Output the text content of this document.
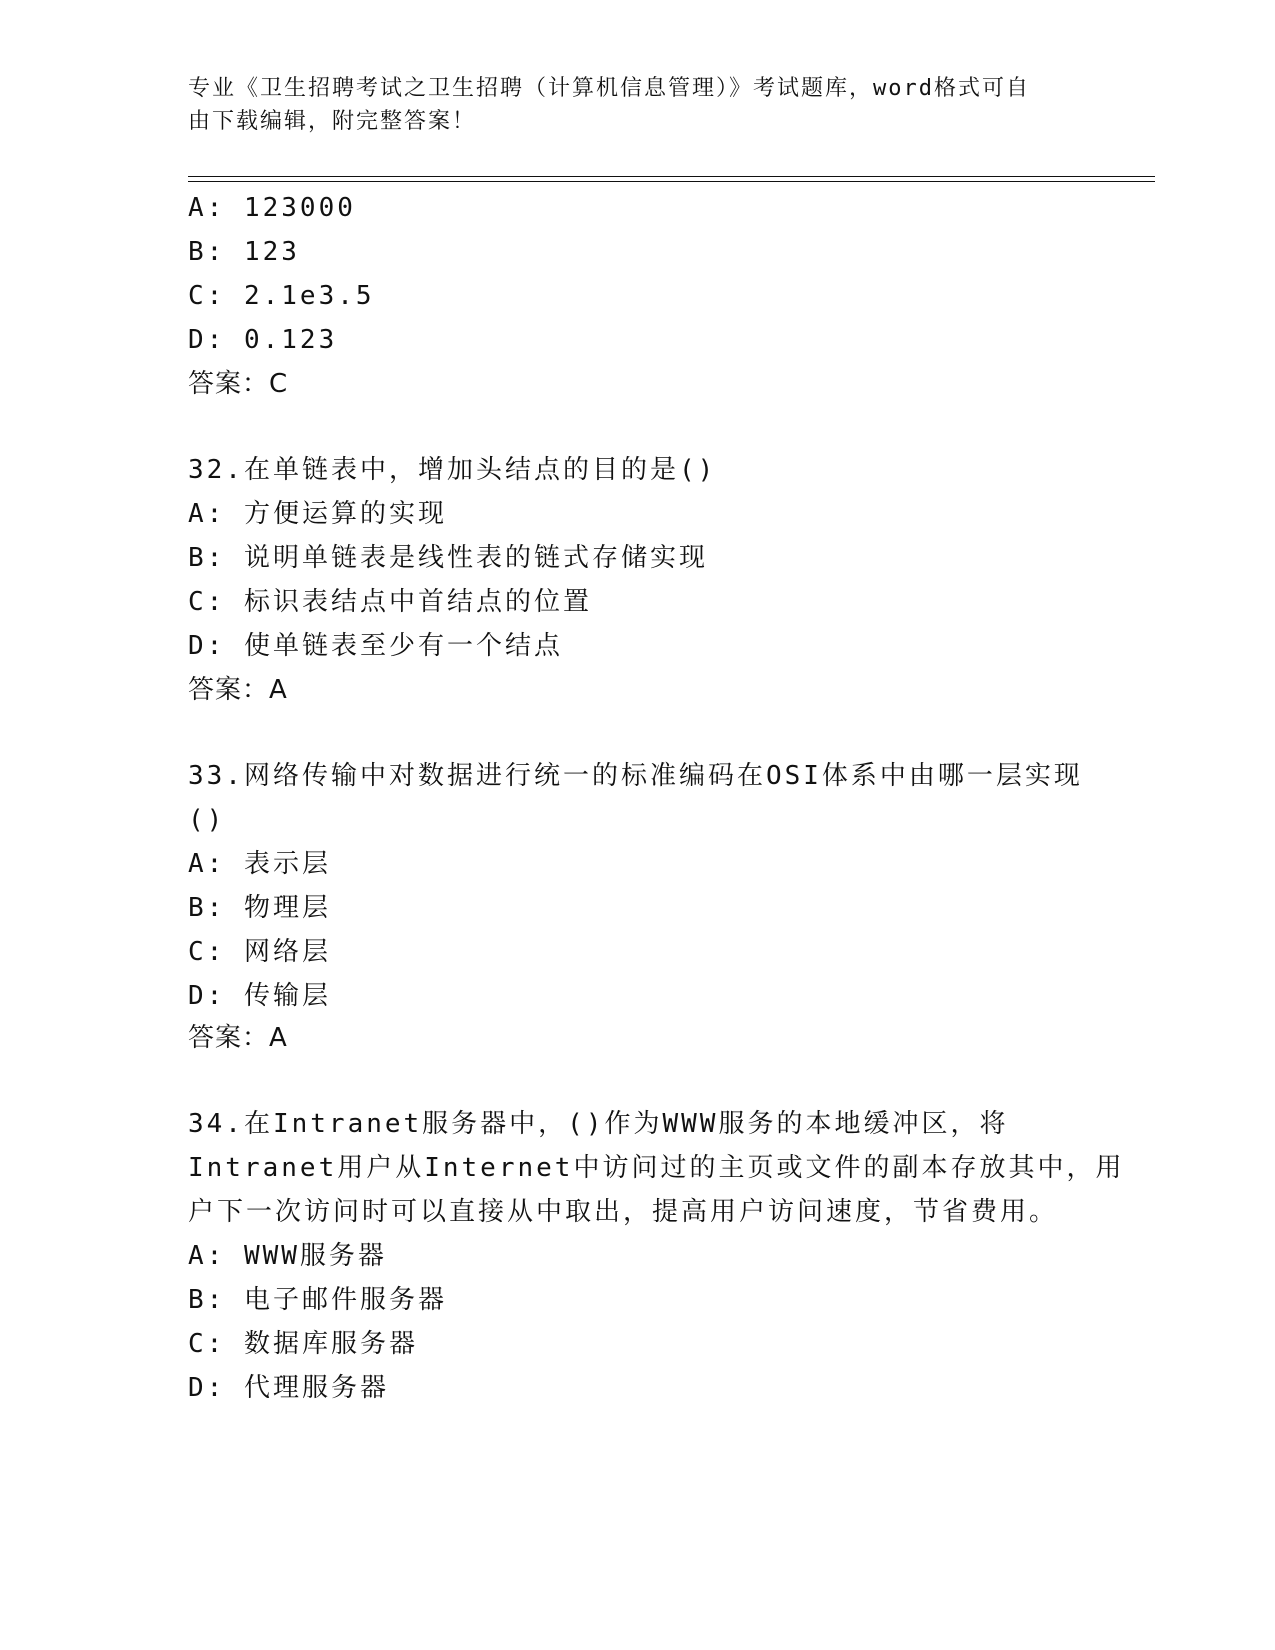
专业《卫生招聘考试之卫生招聘（计算机信息管理）》考试题库，word格式可自
由下载编辑，附完整答案！
A: 123000
B: 123
C: 2.1e3.5
D: 0.123
答案：C
32.在单链表中，增加头结点的目的是()
A: 方便运算的实现
B: 说明单链表是线性表的链式存储实现
C: 标识表结点中首结点的位置
D: 使单链表至少有一个结点
答案：A
33.网络传输中对数据进行统一的标准编码在OSI体系中由哪一层实现
()
A: 表示层
B: 物理层
C: 网络层
D: 传输层
答案：A
34.在Intranet服务器中，()作为WWW服务的本地缓冲区，将
Intranet用户从Internet中访问过的主页或文件的副本存放其中，用
户下一次访问时可以直接从中取出，提高用户访问速度，节省费用。
A: WWW服务器
B: 电子邮件服务器
C: 数据库服务器
D: 代理服务器
